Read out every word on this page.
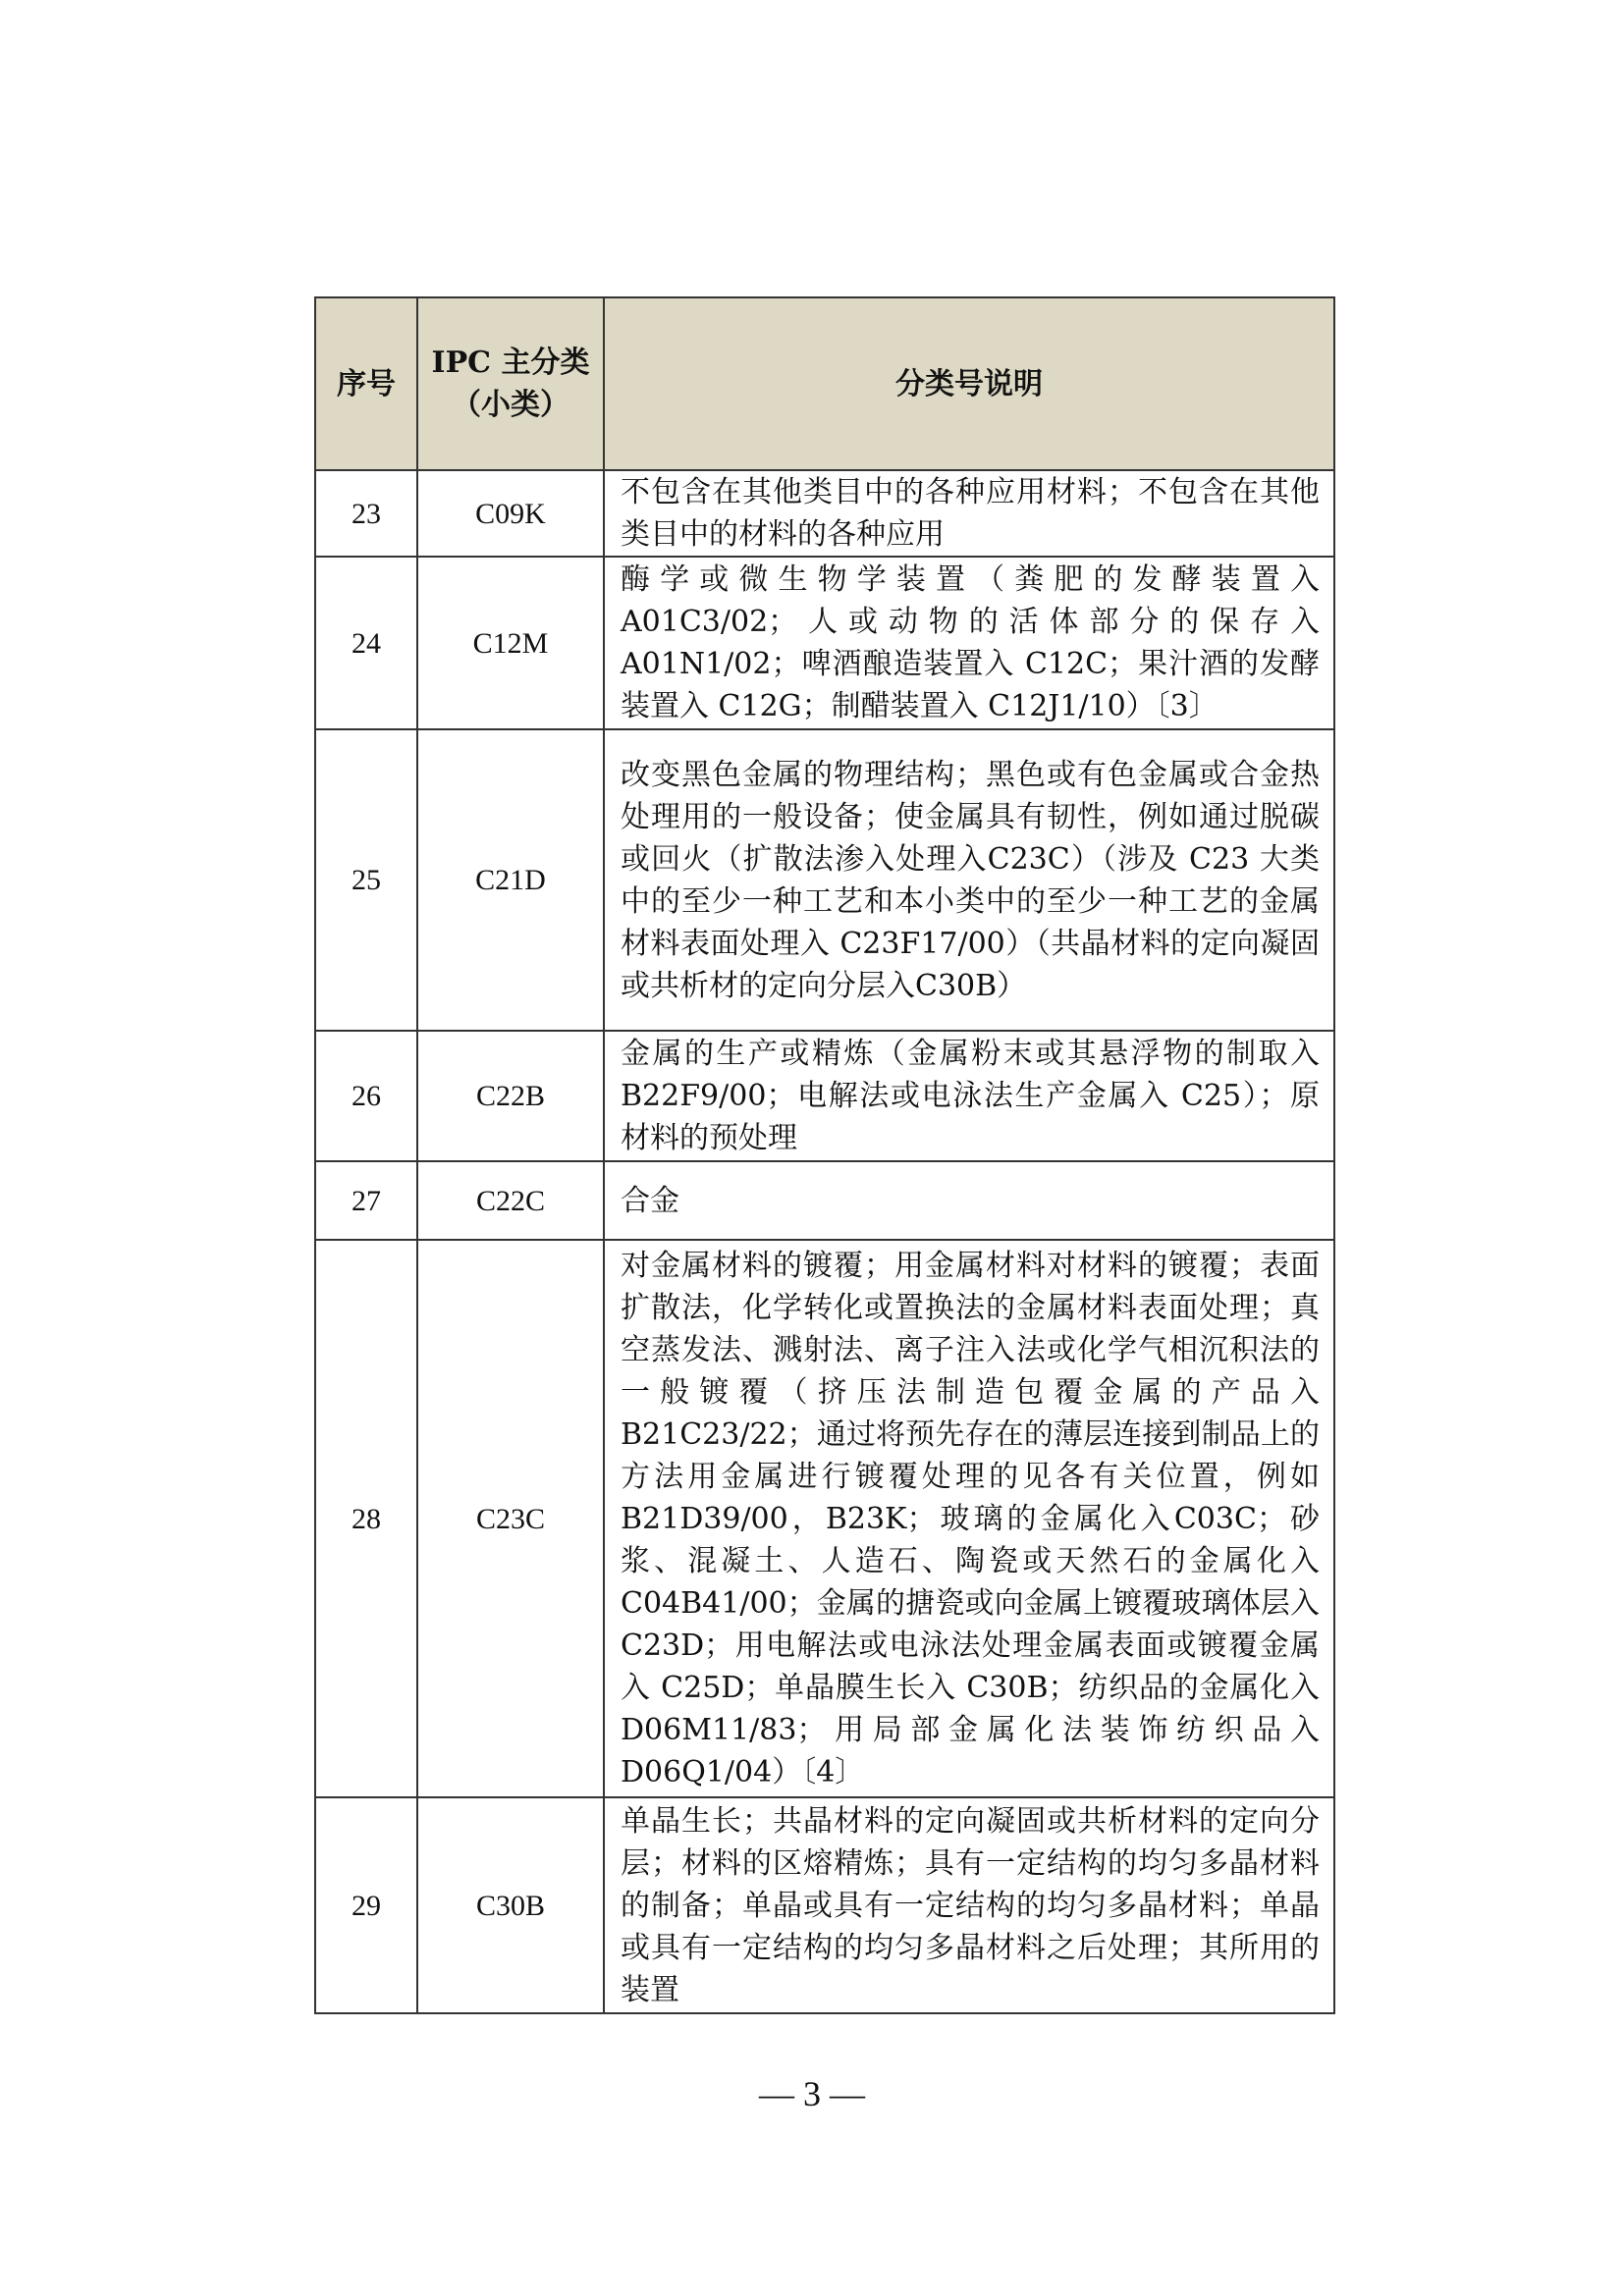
序号	IPC 主分类（小类）	分类号说明
23	C09K	不包含在其他类目中的各种应用材料；不包含在其他类目中的材料的各种应用
24	C12M	酶学或微生物学装置（粪肥的发酵装置入A01C3/02；人或动物的活体部分的保存入 A01N1/02；啤酒酿造装置入 C12C；果汁酒的发酵装置入 C12G；制醋装置入 C12J1/10）〔3〕
25	C21D	改变黑色金属的物理结构；黑色或有色金属或合金热处理用的一般设备；使金属具有韧性，例如通过脱碳或回火（扩散法渗入处理入C23C）（涉及 C23 大类中的至少一种工艺和本小类中的至少一种工艺的金属材料表面处理入 C23F17/00）（共晶材料的定向凝固或共析材的定向分层入C30B）
26	C22B	金属的生产或精炼（金属粉末或其悬浮物的制取入 B22F9/00；电解法或电泳法生产金属入 C25）；原材料的预处理
27	C22C	合金
28	C23C	对金属材料的镀覆；用金属材料对材料的镀覆；表面扩散法，化学转化或置换法的金属材料表面处理；真空蒸发法、溅射法、离子注入法或化学气相沉积法的一般镀覆（挤压法制造包覆金属的产品入 B21C23/22；通过将预先存在的薄层连接到制品上的方法用金属进行镀覆处理的见各有关位置，例如 B21D39/00，B23K；玻璃的金属化入C03C；砂浆、混凝土、人造石、陶瓷或天然石的金属化入 C04B41/00；金属的搪瓷或向金属上镀覆玻璃体层入 C23D；用电解法或电泳法处理金属表面或镀覆金属入 C25D；单晶膜生长入 C30B；纺织品的金属化入 D06M11/83；用局部金属化法装饰纺织品入 D06Q1/04）〔4〕
29	C30B	单晶生长；共晶材料的定向凝固或共析材料的定向分层；材料的区熔精炼；具有一定结构的均匀多晶材料的制备；单晶或具有一定结构的均匀多晶材料；单晶或具有一定结构的均匀多晶材料之后处理；其所用的装置
— 3 —
